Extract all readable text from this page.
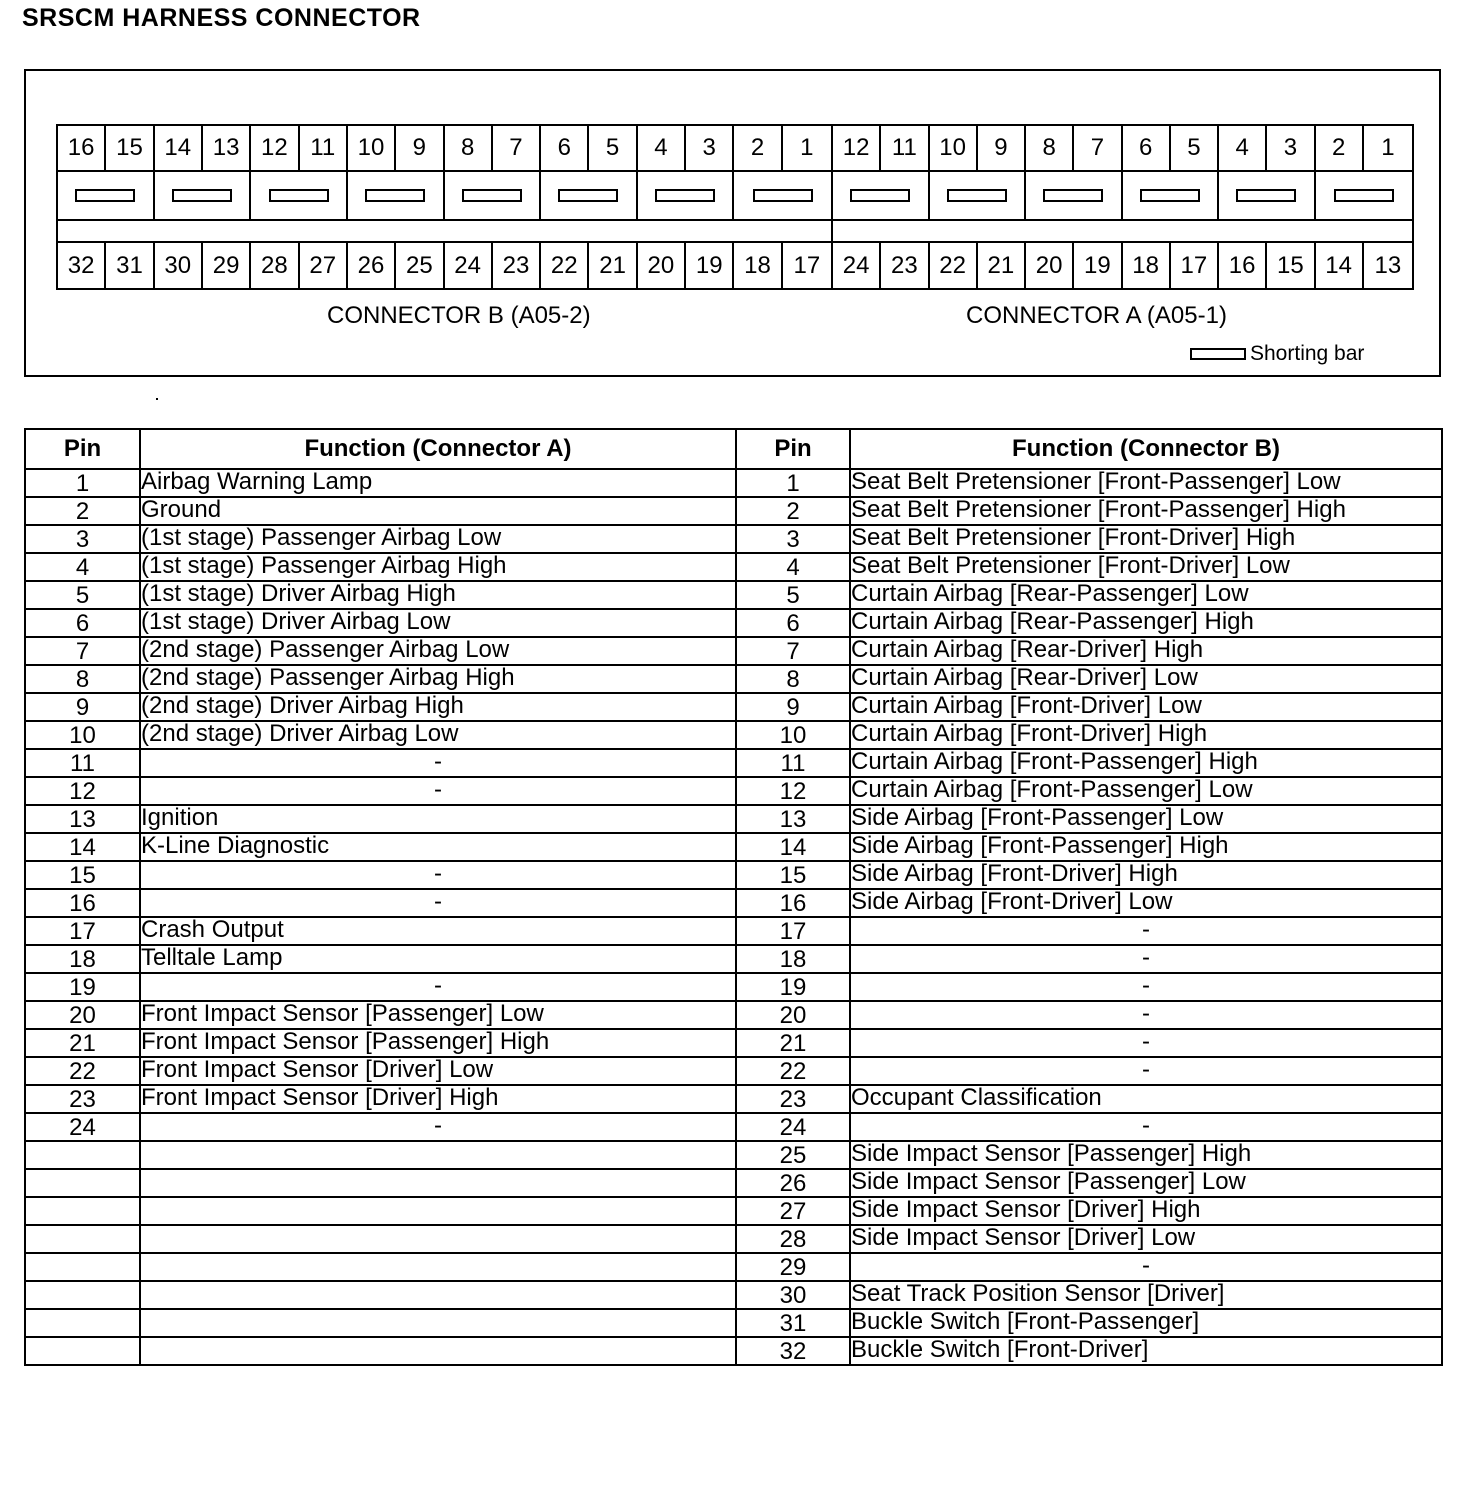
SRSCM HARNESS CONNECTOR
16 15 14 13 12 11 10	9	8	7	6	5	4	3	2	1
32 31 30 29 28 27 26 25 24 23 22 21 20 19 18 17
12 11 10	9	8	7	6	5	4	3	2	1
24 23 22 21 20 19 18 17 16 15 14 13
CONNECTOR B (A05-2)	CONNECTOR A (A05-1)
Shorting bar
Pin	Function (Connector A)	Pin	Function (Connector B)
1	Airbag Warning Lamp	1	Seat Belt Pretensioner [Front-Passenger] Low
2	Ground	2	Seat Belt Pretensioner [Front-Passenger] High
3	(1st stage) Passenger Airbag Low	3	Seat Belt Pretensioner [Front-Driver] High
4	(1st stage) Passenger Airbag High	4	Seat Belt Pretensioner [Front-Driver] Low
5	(1st stage) Driver Airbag High	5	Curtain Airbag [Rear-Passenger] Low
6	(1st stage) Driver Airbag Low	6	Curtain Airbag [Rear-Passenger] High
7	(2nd stage) Passenger Airbag Low	7	Curtain Airbag [Rear-Driver] High
8	(2nd stage) Passenger Airbag High	8	Curtain Airbag [Rear-Driver] Low
9	(2nd stage) Driver Airbag High	9	Curtain Airbag [Front-Driver] Low
10	(2nd stage) Driver Airbag Low	10	Curtain Airbag [Front-Driver] High
11	-	11	Curtain Airbag [Front-Passenger] High
12	-	12	Curtain Airbag [Front-Passenger] Low
13	Ignition	13	Side Airbag [Front-Passenger] Low
14	K-Line Diagnostic	14	Side Airbag [Front-Passenger] High
15	-	15	Side Airbag [Front-Driver] High
16	-	16	Side Airbag [Front-Driver] Low
17	Crash Output	17	-
18	Telltale Lamp	18	-
19	-	19	-
20	Front Impact Sensor [Passenger] Low	20	-
21	Front Impact Sensor [Passenger] High	21	-
22	Front Impact Sensor [Driver] Low	22	-
23	Front Impact Sensor [Driver] High	23	Occupant Classification
24	-	24	-
		25	Side Impact Sensor [Passenger] High
		26	Side Impact Sensor [Passenger] Low
		27	Side Impact Sensor [Driver] High
		28	Side Impact Sensor [Driver] Low
		29	-
		30	Seat Track Position Sensor [Driver]
		31	Buckle Switch [Front-Passenger]
		32	Buckle Switch [Front-Driver]
